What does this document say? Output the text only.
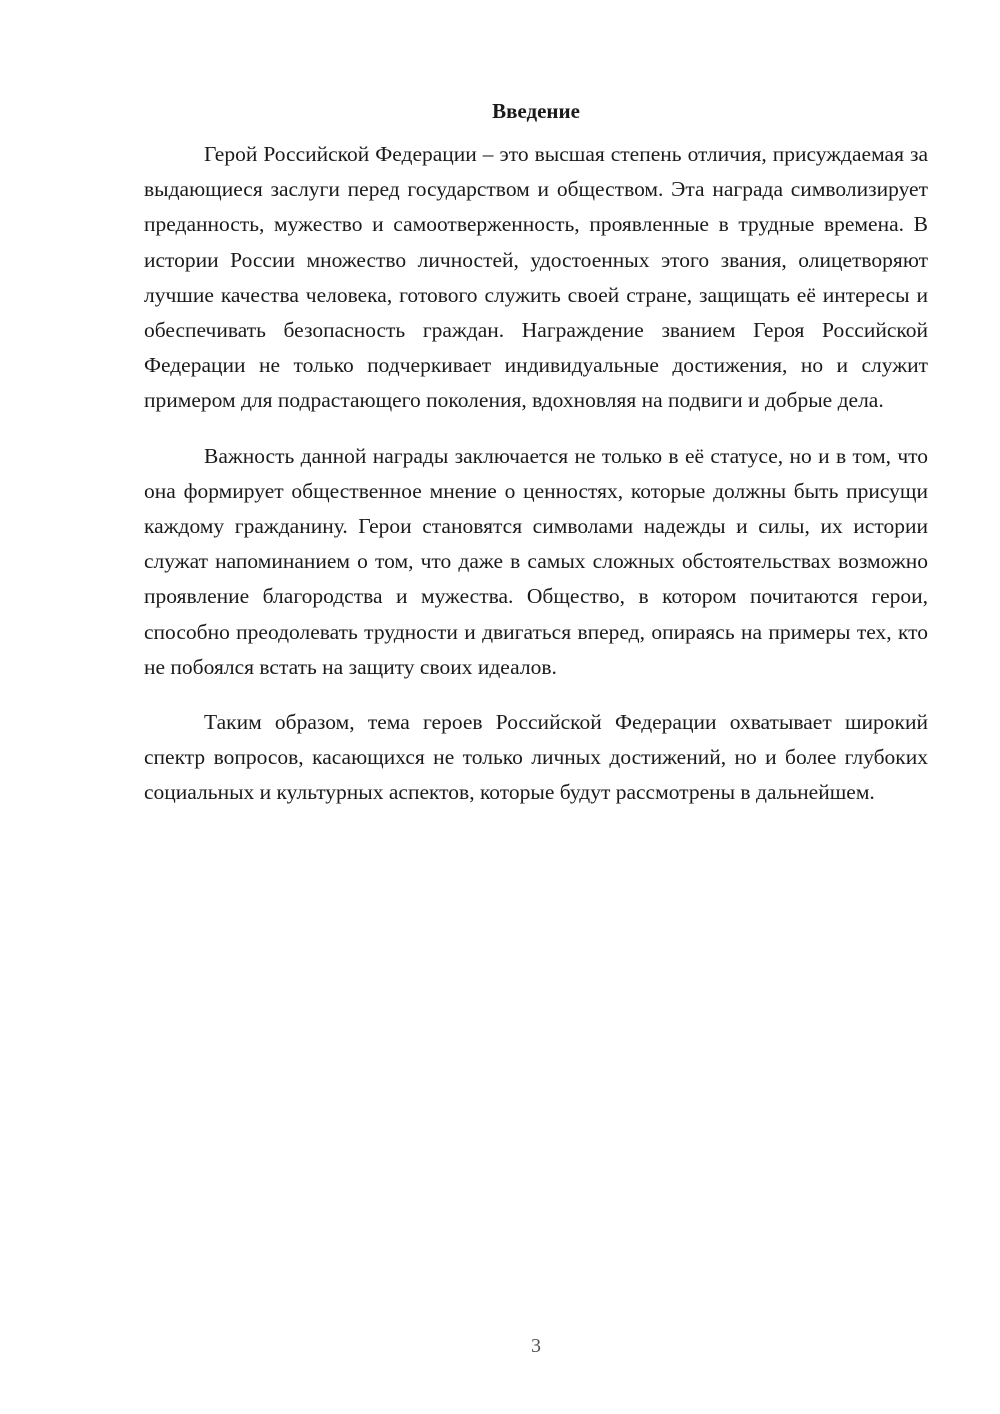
Введение

Герой Российской Федерации – это высшая степень отличия, присуждаемая за выдающиеся заслуги перед государством и обществом. Эта награда символизирует преданность, мужество и самоотверженность, проявленные в трудные времена. В истории России множество личностей, удостоенных этого звания, олицетворяют лучшие качества человека, готового служить своей стране, защищать её интересы и обеспечивать безопасность граждан. Награждение званием Героя Российской Федерации не только подчеркивает индивидуальные достижения, но и служит примером для подрастающего поколения, вдохновляя на подвиги и добрые дела.

Важность данной награды заключается не только в её статусе, но и в том, что она формирует общественное мнение о ценностях, которые должны быть присущи каждому гражданину. Герои становятся символами надежды и силы, их истории служат напоминанием о том, что даже в самых сложных обстоятельствах возможно проявление благородства и мужества. Общество, в котором почитаются герои, способно преодолевать трудности и двигаться вперед, опираясь на примеры тех, кто не побоялся встать на защиту своих идеалов.

Таким образом, тема героев Российской Федерации охватывает широкий спектр вопросов, касающихся не только личных достижений, но и более глубоких социальных и культурных аспектов, которые будут рассмотрены в дальнейшем.

3
